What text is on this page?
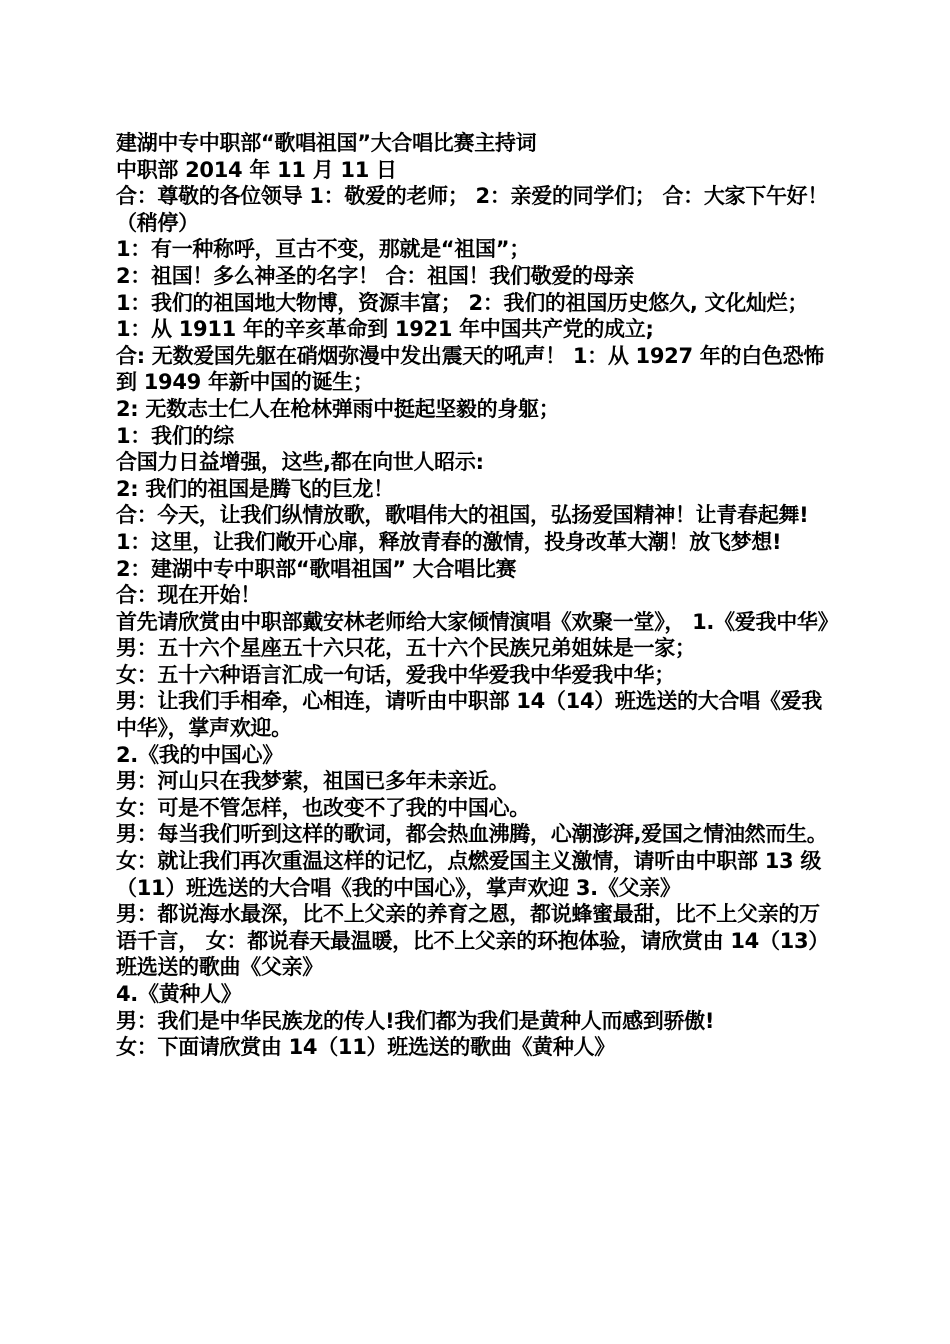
建湖中专中职部“歌唱祖国”大合唱比赛主持词

中职部 2014 年 11 月 11 日

合：尊敬的各位领导 1：敬爱的老师； 2：亲爱的同学们； 合：大家下午好！（稍停）

1：有一种称呼，亘古不变，那就是“祖国”；

2：祖国！多么神圣的名字！ 合：祖国！我们敬爱的母亲

1：我们的祖国地大物博，资源丰富； 2：我们的祖国历史悠久, 文化灿烂； 1：从 1911 年的辛亥革命到 1921 年中国共产党的成立;

合: 无数爱国先躯在硝烟弥漫中发出震天的吼声！ 1：从 1927 年的白色恐怖到 1949 年新中国的诞生；

2: 无数志士仁人在枪林弹雨中挺起坚毅的身躯；

1：我们的综

合国力日益增强，这些,都在向世人昭示:

2: 我们的祖国是腾飞的巨龙！

合：今天，让我们纵情放歌，歌唱伟大的祖国，弘扬爱国精神！让青春起舞!

1：这里，让我们敞开心扉，释放青春的激情，投身改革大潮！放飞梦想!

2：建湖中专中职部“歌唱祖国” 大合唱比赛

合：现在开始！

首先请欣赏由中职部戴安林老师给大家倾情演唱《欢聚一堂》， 1.《爱我中华》

男：五十六个星座五十六只花，五十六个民族兄弟姐妹是一家；

女：五十六种语言汇成一句话，爱我中华爱我中华爱我中华；

男：让我们手相牵，心相连，请听由中职部 14（14）班选送的大合唱《爱我中华》，掌声欢迎。

2.《我的中国心》

男：河山只在我梦萦，祖国已多年未亲近。

女：可是不管怎样，也改变不了我的中国心。

男：每当我们听到这样的歌词，都会热血沸腾，心潮澎湃,爱国之情油然而生。 女：就让我们再次重温这样的记忆，点燃爱国主义激情，请听由中职部 13 级（11）班选送的大合唱《我的中国心》，掌声欢迎 3.《父亲》

男：都说海水最深，比不上父亲的养育之恩，都说蜂蜜最甜，比不上父亲的万语千言， 女：都说春天最温暖，比不上父亲的环抱体验，请欣赏由 14（13）班选送的歌曲《父亲》

4.《黄种人》

男：我们是中华民族龙的传人!我们都为我们是黄种人而感到骄傲!

女：下面请欣赏由 14（11）班选送的歌曲《黄种人》
